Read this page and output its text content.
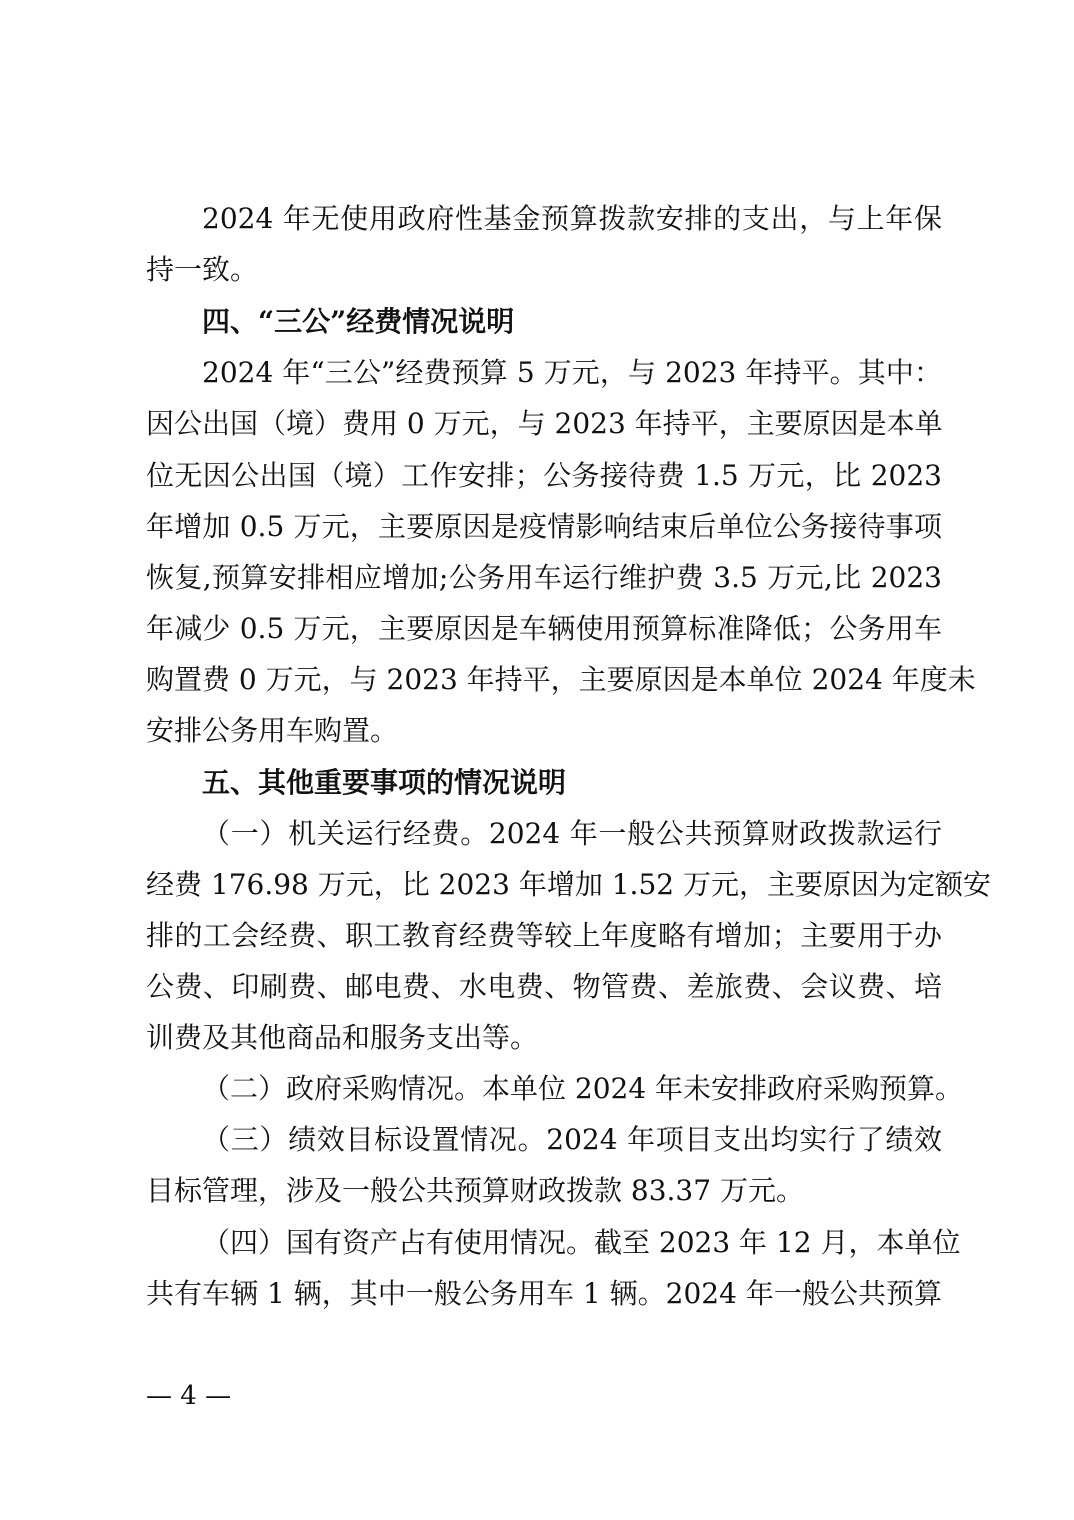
2024 年无使用政府性基金预算拨款安排的支出，与上年保
持一致。
四、“三公”经费情况说明
2024 年“三公”经费预算 5 万元，与 2023 年持平。其中：
因公出国（境）费用 0 万元，与 2023 年持平，主要原因是本单
位无因公出国（境）工作安排；公务接待费 1.5 万元，比 2023
年增加 0.5 万元，主要原因是疫情影响结束后单位公务接待事项
恢复,预算安排相应增加;公务用车运行维护费 3.5 万元,比 2023
年减少 0.5 万元，主要原因是车辆使用预算标准降低；公务用车
购置费 0 万元，与 2023 年持平，主要原因是本单位 2024 年度未
安排公务用车购置。
五、其他重要事项的情况说明
（一）机关运行经费。2024 年一般公共预算财政拨款运行
经费 176.98 万元，比 2023 年增加 1.52 万元，主要原因为定额安
排的工会经费、职工教育经费等较上年度略有增加；主要用于办
公费、印刷费、邮电费、水电费、物管费、差旅费、会议费、培
训费及其他商品和服务支出等。
（二）政府采购情况。本单位 2024 年未安排政府采购预算。
（三）绩效目标设置情况。2024 年项目支出均实行了绩效
目标管理，涉及一般公共预算财政拨款 83.37 万元。
（四）国有资产占有使用情况。截至 2023 年 12 月，本单位
共有车辆 1 辆，其中一般公务用车 1 辆。2024 年一般公共预算
— 4 —
